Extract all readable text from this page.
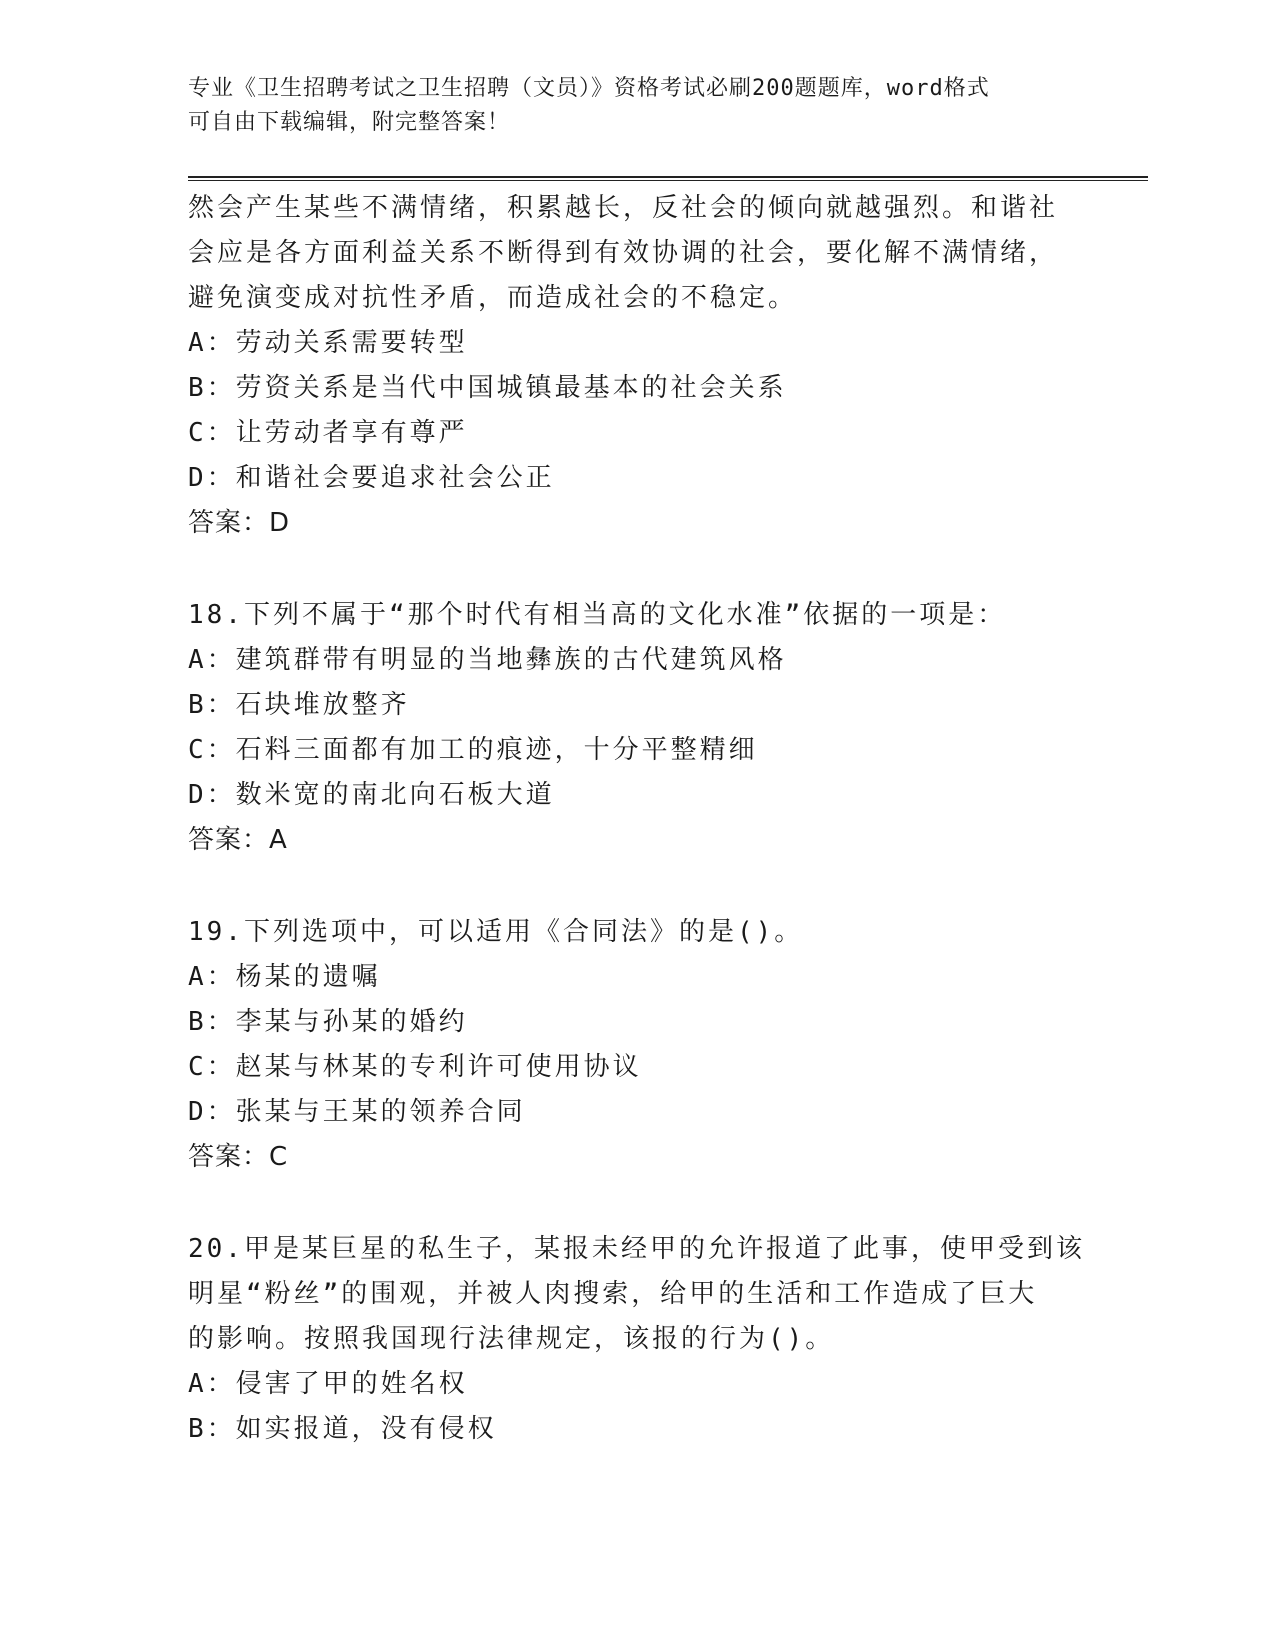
专业《卫生招聘考试之卫生招聘（文员）》资格考试必刷200题题库，word格式
可自由下载编辑，附完整答案！
然会产生某些不满情绪，积累越长，反社会的倾向就越强烈。和谐社
会应是各方面利益关系不断得到有效协调的社会，要化解不满情绪，
避免演变成对抗性矛盾，而造成社会的不稳定。
A：劳动关系需要转型
B：劳资关系是当代中国城镇最基本的社会关系
C：让劳动者享有尊严
D：和谐社会要追求社会公正
答案：D
18.下列不属于“那个时代有相当高的文化水准”依据的一项是：
A：建筑群带有明显的当地彝族的古代建筑风格
B：石块堆放整齐
C：石料三面都有加工的痕迹，十分平整精细
D：数米宽的南北向石板大道
答案：A
19.下列选项中，可以适用《合同法》的是()。
A：杨某的遗嘱
B：李某与孙某的婚约
C：赵某与林某的专利许可使用协议
D：张某与王某的领养合同
答案：C
20.甲是某巨星的私生子，某报未经甲的允许报道了此事，使甲受到该
明星“粉丝”的围观，并被人肉搜索，给甲的生活和工作造成了巨大
的影响。按照我国现行法律规定，该报的行为()。
A：侵害了甲的姓名权
B：如实报道，没有侵权
